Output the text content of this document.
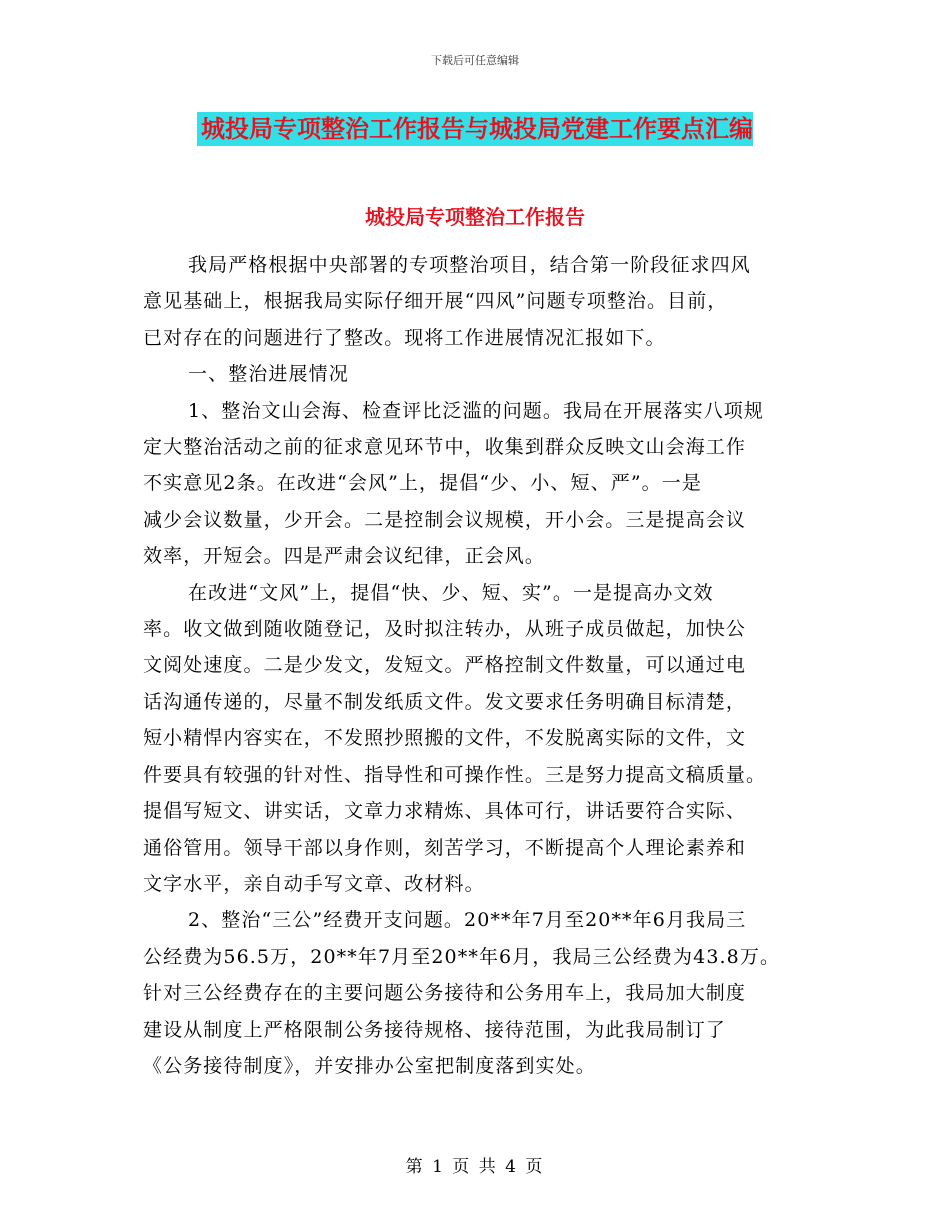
下载后可任意编辑
城投局专项整治工作报告与城投局党建工作要点汇编
城投局专项整治工作报告
我局严格根据中央部署的专项整治项目，结合第一阶段征求四风
意见基础上，根据我局实际仔细开展“四风”问题专项整治。目前，
已对存在的问题进行了整改。现将工作进展情况汇报如下。
一、整治进展情况
1、整治文山会海、检查评比泛滥的问题。我局在开展落实八项规
定大整治活动之前的征求意见环节中，收集到群众反映文山会海工作
不实意见2条。在改进“会风”上，提倡“少、小、短、严”。一是
减少会议数量，少开会。二是控制会议规模，开小会。三是提高会议
效率，开短会。四是严肃会议纪律，正会风。
在改进“文风”上，提倡“快、少、短、实”。一是提高办文效
率。收文做到随收随登记，及时拟注转办，从班子成员做起，加快公
文阅处速度。二是少发文，发短文。严格控制文件数量，可以通过电
话沟通传递的，尽量不制发纸质文件。发文要求任务明确目标清楚，
短小精悍内容实在，不发照抄照搬的文件，不发脱离实际的文件，文
件要具有较强的针对性、指导性和可操作性。三是努力提高文稿质量。
提倡写短文、讲实话，文章力求精炼、具体可行，讲话要符合实际、
通俗管用。领导干部以身作则，刻苦学习，不断提高个人理论素养和
文字水平，亲自动手写文章、改材料。
2、整治“三公”经费开支问题。20**年7月至20**年6月我局三
公经费为56.5万，20**年7月至20**年6月，我局三公经费为43.8万。
针对三公经费存在的主要问题公务接待和公务用车上，我局加大制度
建设从制度上严格限制公务接待规格、接待范围，为此我局制订了
《公务接待制度》，并安排办公室把制度落到实处。
第 1 页 共 4 页
